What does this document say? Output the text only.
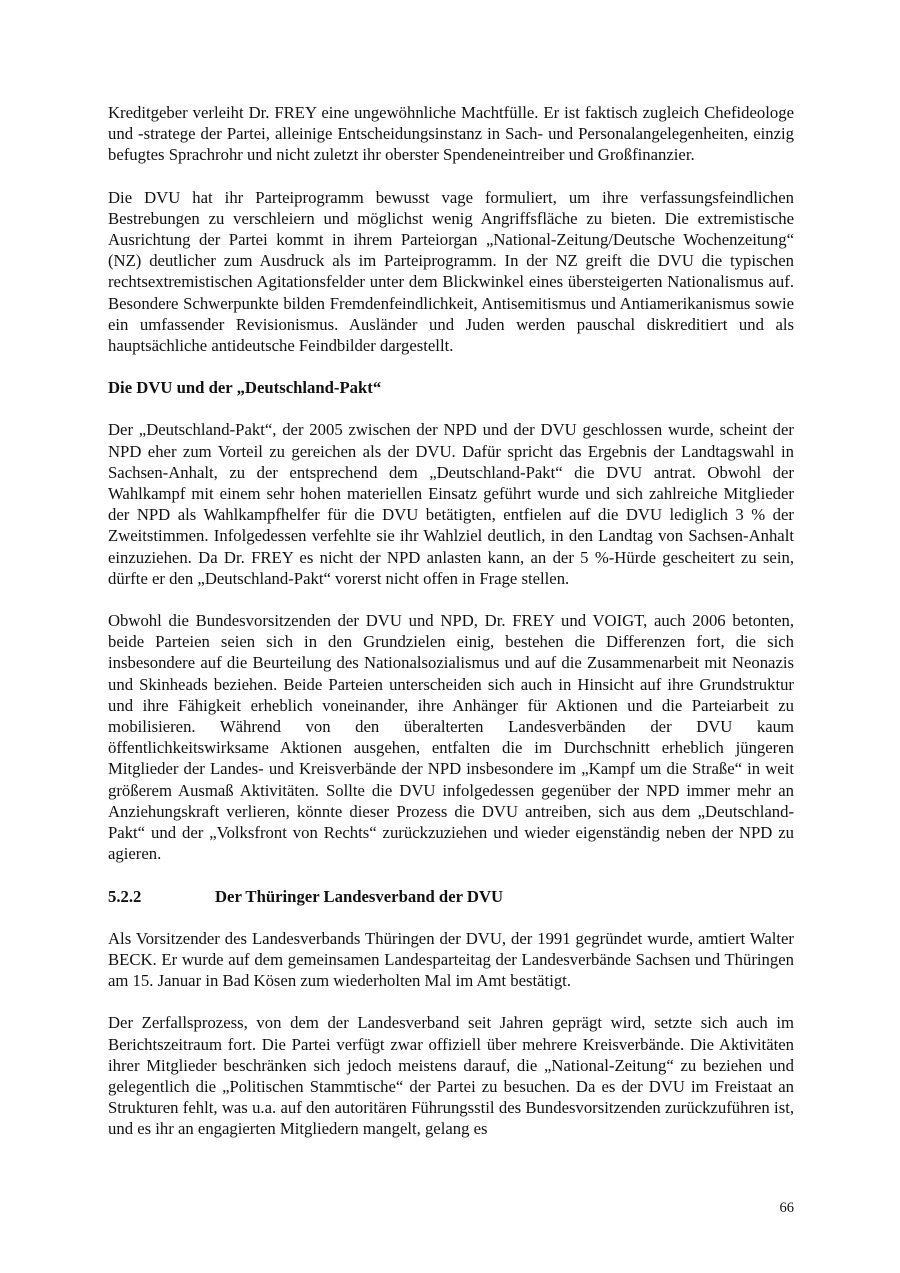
Kreditgeber verleiht Dr. FREY eine ungewöhnliche Machtfülle. Er ist faktisch zugleich Chefideologe und -stratege der Partei, alleinige Entscheidungsinstanz in Sach- und Personalangelegenheiten, einzig befugtes Sprachrohr und nicht zuletzt ihr oberster Spendeneintreiber und Großfinanzier.

Die DVU hat ihr Parteiprogramm bewusst vage formuliert, um ihre verfassungsfeindlichen Bestrebungen zu verschleiern und möglichst wenig Angriffsfläche zu bieten. Die extremistische Ausrichtung der Partei kommt in ihrem Parteiorgan „National-Zeitung/Deutsche Wochenzeitung“ (NZ) deutlicher zum Ausdruck als im Parteiprogramm. In der NZ greift die DVU die typischen rechtsextremistischen Agitationsfelder unter dem Blickwinkel eines übersteigerten Nationalismus auf. Besondere Schwerpunkte bilden Fremdenfeindlichkeit, Antisemitismus und Antiamerikanismus sowie ein umfassender Revisionismus. Ausländer und Juden werden pauschal diskreditiert und als hauptsächliche antideutsche Feindbilder dargestellt.

Die DVU und der „Deutschland-Pakt“

Der „Deutschland-Pakt“, der 2005 zwischen der NPD und der DVU geschlossen wurde, scheint der NPD eher zum Vorteil zu gereichen als der DVU. Dafür spricht das Ergebnis der Landtagswahl in Sachsen-Anhalt, zu der entsprechend dem „Deutschland-Pakt“ die DVU antrat. Obwohl der Wahlkampf mit einem sehr hohen materiellen Einsatz geführt wurde und sich zahlreiche Mitglieder der NPD als Wahlkampfhelfer für die DVU betätigten, entfielen auf die DVU lediglich 3 % der Zweitstimmen. Infolgedessen verfehlte sie ihr Wahlziel deutlich, in den Landtag von Sachsen-Anhalt einzuziehen. Da Dr. FREY es nicht der NPD anlasten kann, an der 5 %-Hürde gescheitert zu sein, dürfte er den „Deutschland-Pakt“ vorerst nicht offen in Frage stellen.

Obwohl die Bundesvorsitzenden der DVU und NPD, Dr. FREY und VOIGT, auch 2006 betonten, beide Parteien seien sich in den Grundzielen einig, bestehen die Differenzen fort, die sich insbesondere auf die Beurteilung des Nationalsozialismus und auf die Zusammenarbeit mit Neonazis und Skinheads beziehen. Beide Parteien unterscheiden sich auch in Hinsicht auf ihre Grundstruktur und ihre Fähigkeit erheblich voneinander, ihre Anhänger für Aktionen und die Parteiarbeit zu mobilisieren. Während von den überalterten Landesverbänden der DVU kaum öffentlichkeitswirksame Aktionen ausgehen, entfalten die im Durchschnitt erheblich jüngeren Mitglieder der Landes- und Kreisverbände der NPD insbesondere im „Kampf um die Straße“ in weit größerem Ausmaß Aktivitäten. Sollte die DVU infolgedessen gegenüber der NPD immer mehr an Anziehungskraft verlieren, könnte dieser Prozess die DVU antreiben, sich aus dem „Deutschland-Pakt“ und der „Volksfront von Rechts“ zurückzuziehen und wieder eigenständig neben der NPD zu agieren.

5.2.2	Der Thüringer Landesverband der DVU

Als Vorsitzender des Landesverbands Thüringen der DVU, der 1991 gegründet wurde, amtiert Walter BECK. Er wurde auf dem gemeinsamen Landesparteitag der Landesverbände Sachsen und Thüringen am 15. Januar in Bad Kösen zum wiederholten Mal im Amt bestätigt.

Der Zerfallsprozess, von dem der Landesverband seit Jahren geprägt wird, setzte sich auch im Berichtszeitraum fort. Die Partei verfügt zwar offiziell über mehrere Kreisverbände. Die Aktivitäten ihrer Mitglieder beschränken sich jedoch meistens darauf, die „National-Zeitung“ zu beziehen und gelegentlich die „Politischen Stammtische“ der Partei zu besuchen. Da es der DVU im Freistaat an Strukturen fehlt, was u.a. auf den autoritären Führungsstil des Bundesvorsitzenden zurückzuführen ist, und es ihr an engagierten Mitgliedern mangelt, gelang es

66
